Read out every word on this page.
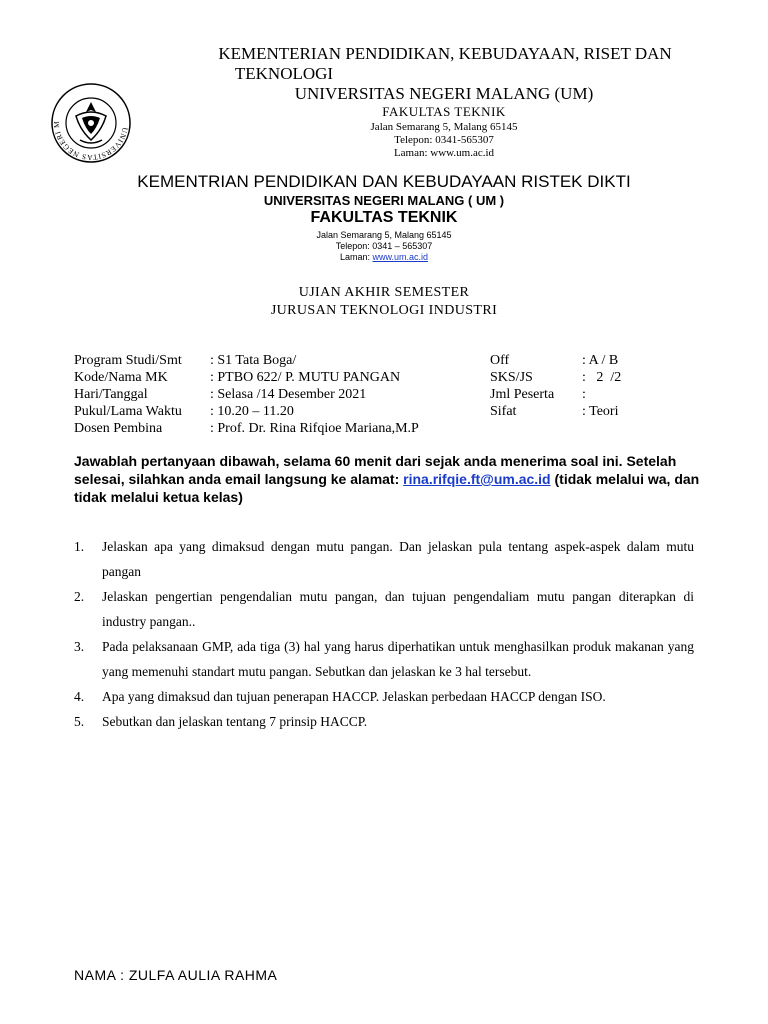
UNIVERSITAS NEGERI M
KEMENTERIAN PENDIDIKAN, KEBUDAYAAN, RISET DAN
TEKNOLOGI
UNIVERSITAS NEGERI MALANG (UM)
FAKULTAS TEKNIK
Jalan Semarang 5, Malang 65145
Telepon: 0341-565307
Laman: www.um.ac.id
KEMENTRIAN PENDIDIKAN DAN KEBUDAYAAN RISTEK DIKTI
UNIVERSITAS NEGERI MALANG ( UM )
FAKULTAS TEKNIK
Jalan Semarang 5, Malang 65145
Telepon: 0341 – 565307
Laman: www.um.ac.id
UJIAN AKHIR SEMESTER
JURUSAN TEKNOLOGI INDUSTRI
Program Studi/Smt
Kode/Nama MK
Hari/Tanggal
Pukul/Lama Waktu
Dosen Pembina
: S1 Tata Boga/
: PTBO 622/ P. MUTU PANGAN
: Selasa /14 Desember 2021
: 10.20 – 11.20
: Prof. Dr. Rina Rifqioe Mariana,M.P
Off
SKS/JS
Jml Peserta
Sifat
: A / B
:   2  /2
:
: Teori
Jawablah pertanyaan dibawah, selama 60 menit dari sejak anda menerima soal ini. Setelah selesai, silahkan anda email langsung ke alamat: rina.rifqie.ft@um.ac.id (tidak melalui wa, dan tidak melalui ketua kelas)
1. Jelaskan apa yang dimaksud dengan mutu pangan. Dan jelaskan pula tentang aspek-aspek dalam mutu pangan
2. Jelaskan pengertian pengendalian mutu pangan, dan tujuan pengendaliam mutu pangan diterapkan di industry pangan..
3. Pada pelaksanaan GMP, ada tiga (3) hal yang harus diperhatikan untuk menghasilkan produk makanan yang yang memenuhi standart mutu pangan. Sebutkan dan jelaskan ke 3 hal tersebut.
4. Apa yang dimaksud dan tujuan penerapan HACCP. Jelaskan perbedaan HACCP dengan ISO.
5. Sebutkan dan jelaskan tentang 7 prinsip HACCP.
NAMA : ZULFA AULIA RAHMA
